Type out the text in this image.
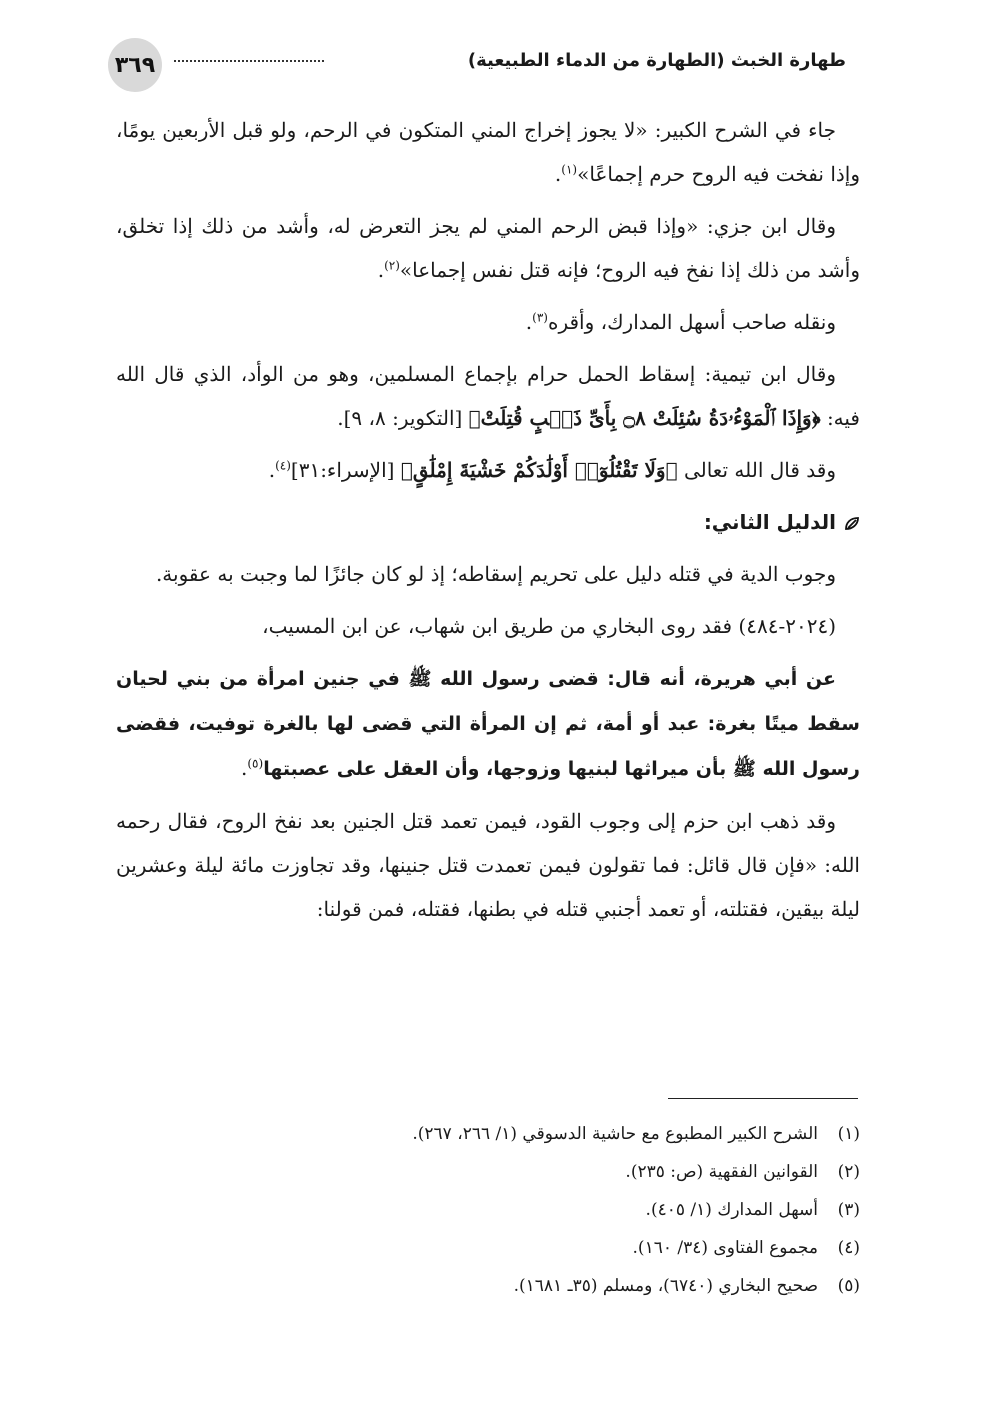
طهارة الخبث (الطهارة من الدماء الطبيعية)
٣٦٩

جاء في الشرح الكبير: «لا يجوز إخراج المني المتكون في الرحم، ولو قبل الأربعين يومًا، وإذا نفخت فيه الروح حرم إجماعًا»$^{(١)}$.

وقال ابن جزي: «وإذا قبض الرحم المني لم يجز التعرض له، وأشد من ذلك إذا تخلق، وأشد من ذلك إذا نفخ فيه الروح؛ فإنه قتل نفس إجماعا»$^{(٢)}$.

ونقله صاحب أسهل المدارك، وأقره$^{(٣)}$.

وقال ابن تيمية: إسقاط الحمل حرام بإجماع المسلمين، وهو من الوأد، الذي قال الله فيه: ﴿وَإِذَا ٱلْمَوْءُۥدَةُ سُئِلَتْ ۝٨ بِأَىِّ ذَنۢبٍ قُتِلَتْ﴾ [التكوير: ٨، ٩].

وقد قال الله تعالى ﴿وَلَا تَقْتُلُوٓا۟ أَوْلَٰدَكُمْ خَشْيَةَ إِمْلَٰقٍ﴾ [الإسراء:٣١]$^{(٤)}$.

الدليل الثاني:

وجوب الدية في قتله دليل على تحريم إسقاطه؛ إذ لو كان جائزًا لما وجبت به عقوبة.

(٢٠٢٤-٤٨٤) فقد روى البخاري من طريق ابن شهاب، عن ابن المسيب،

عن أبي هريرة، أنه قال: قضى رسول الله ﷺ في جنين امرأة من بني لحيان سقط ميتًا بغرة: عبد أو أمة، ثم إن المرأة التي قضى لها بالغرة توفيت، فقضى رسول الله ﷺ بأن ميراثها لبنيها وزوجها، وأن العقل على عصبتها$^{(٥)}$.

وقد ذهب ابن حزم إلى وجوب القود، فيمن تعمد قتل الجنين بعد نفخ الروح، فقال رحمه الله: «فإن قال قائل: فما تقولون فيمن تعمدت قتل جنينها، وقد تجاوزت مائة ليلة وعشرين ليلة بيقين، فقتلته، أو تعمد أجنبي قتله في بطنها، فقتله، فمن قولنا:

(١)الشرح الكبير المطبوع مع حاشية الدسوقي (١/ ٢٦٦، ٢٦٧).
(٢)القوانين الفقهية (ص: ٢٣٥).
(٣)أسهل المدارك (١/ ٤٠٥).
(٤)مجموع الفتاوى (٣٤/ ١٦٠).
(٥)صحيح البخاري (٦٧٤٠)، ومسلم (٣٥ـ ١٦٨١).
